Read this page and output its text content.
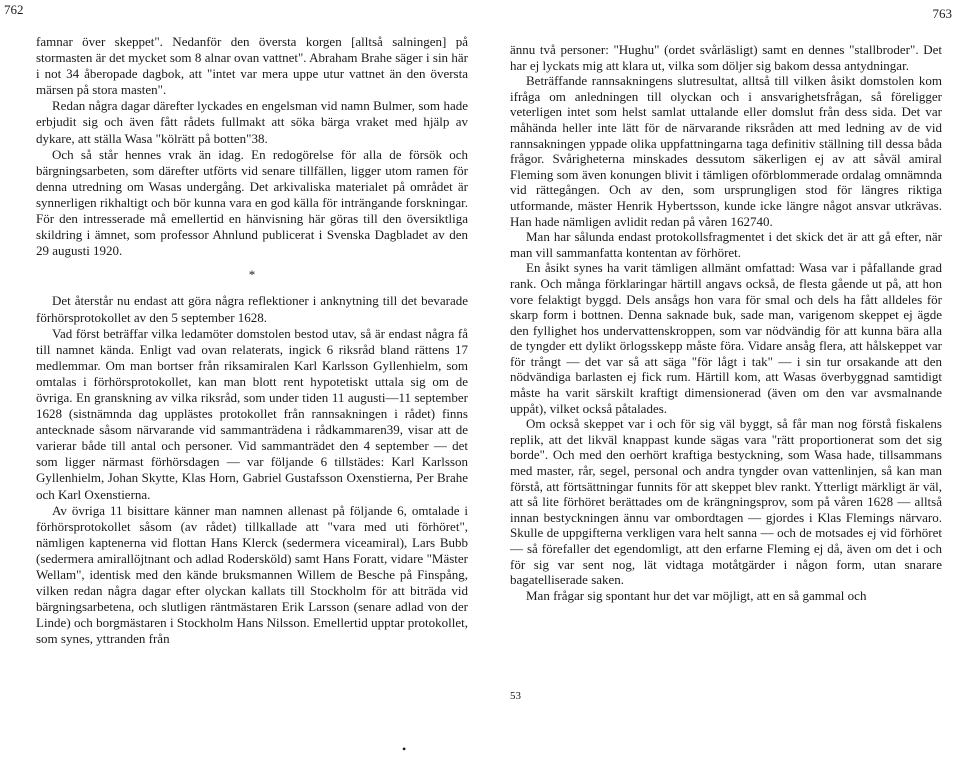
762

famnar över skeppet". Nedanför den översta korgen [alltså salningen] på stormasten är det mycket som 8 alnar ovan vattnet". Abraham Brahe säger i sin här i not 34 åberopade dagbok, att "intet var mera uppe utur vattnet än den översta märsen på stora masten".

Redan några dagar därefter lyckades en engelsman vid namn Bulmer, som hade erbjudit sig och även fått rådets fullmakt att söka bärga vraket med hjälp av dykare, att ställa Wasa "kölrätt på botten"38.

Och så står hennes vrak än idag. En redogörelse för alla de försök och bärgningsarbeten, som därefter utförts vid senare tillfällen, ligger utom ramen för denna utredning om Wasas undergång. Det arkivaliska materialet på området är synnerligen rikhaltigt och bör kunna vara en god källa för inträngande forskningar. För den intresserade må emellertid en hänvisning här göras till den översiktliga skildring i ämnet, som professor Ahnlund publicerat i Svenska Dagbladet av den 29 augusti 1920.

*

Det återstår nu endast att göra några reflektioner i anknytning till det bevarade förhörsprotokollet av den 5 september 1628.

Vad först beträffar vilka ledamöter domstolen bestod utav, så är endast några få till namnet kända. Enligt vad ovan relaterats, ingick 6 riksråd bland rättens 17 medlemmar. Om man bortser från riksamiralen Karl Karlsson Gyllenhielm, som omtalas i förhörsprotokollet, kan man blott rent hypotetiskt uttala sig om de övriga. En granskning av vilka riksråd, som under tiden 11 augusti—11 september 1628 (sistnämnda dag upplästes protokollet från rannsakningen i rådet) finns antecknade såsom närvarande vid sammanträdena i rådkammaren39, visar att de varierar både till antal och personer. Vid sammanträdet den 4 september — det som ligger närmast förhörsdagen — var följande 6 tillstädes: Karl Karlsson Gyllenhielm, Johan Skytte, Klas Horn, Gabriel Gustafsson Oxenstierna, Per Brahe och Karl Oxenstierna.

Av övriga 11 bisittare känner man namnen allenast på följande 6, omtalade i förhörsprotokollet såsom (av rådet) tillkallade att "vara med uti förhöret", nämligen kaptenerna vid flottan Hans Klerck (sedermera viceamiral), Lars Bubb (sedermera amirallöjtnant och adlad Rodersköld) samt Hans Foratt, vidare "Mäster Wellam", identisk med den kände bruksmannen Willem de Besche på Finspång, vilken redan några dagar efter olyckan kallats till Stockholm för att biträda vid bärgningsarbetena, och slutligen räntmästaren Erik Larsson (senare adlad von der Linde) och borgmästaren i Stockholm Hans Nilsson. Emellertid upptar protokollet, som synes, yttranden från

763

ännu två personer: "Hughu" (ordet svårläsligt) samt en dennes "stallbroder". Det har ej lyckats mig att klara ut, vilka som döljer sig bakom dessa antydningar.

Beträffande rannsakningens slutresultat, alltså till vilken åsikt domstolen kom ifråga om anledningen till olyckan och i ansvarighetsfrågan, så föreligger veterligen intet som helst samlat uttalande eller domslut från dess sida. Det var måhända heller inte lätt för de närvarande riksråden att med ledning av de vid rannsakningen yppade olika uppfattningarna taga definitiv ställning till dessa båda frågor. Svårigheterna minskades dessutom säkerligen ej av att såväl amiral Fleming som även konungen blivit i tämligen oförblommerade ordalag omnämnda vid rättegången. Och av den, som ursprungligen stod för längres riktiga utformande, mäster Henrik Hybertsson, kunde icke längre något ansvar utkrävas. Han hade nämligen avlidit redan på våren 162740.

Man har sålunda endast protokollsfragmentet i det skick det är att gå efter, när man vill sammanfatta kontentan av förhöret.

En åsikt synes ha varit tämligen allmänt omfattad: Wasa var i påfallande grad rank. Och många förklaringar härtill angavs också, de flesta gående ut på, att hon vore felaktigt byggd. Dels ansågs hon vara för smal och dels ha fått alldeles för skarp form i bottnen. Denna saknade buk, sade man, varigenom skeppet ej ägde den fyllighet hos undervattenskroppen, som var nödvändig för att kunna bära alla de tyngder ett dylikt örlogsskepp måste föra. Vidare ansåg flera, att hålskeppet var för trångt — det var så att säga "för lågt i tak" — i sin tur orsakande att den nödvändiga barlasten ej fick rum. Härtill kom, att Wasas överbyggnad samtidigt måste ha varit särskilt kraftigt dimensionerad (även om den var avsmalnande uppåt), vilket också påtalades.

Om också skeppet var i och för sig väl byggt, så får man nog förstå fiskalens replik, att det likväl knappast kunde sägas vara "rätt proportionerat som det sig borde". Och med den oerhört kraftiga bestyckning, som Wasa hade, tillsammans med master, rår, segel, personal och andra tyngder ovan vattenlinjen, så kan man förstå, att förtsättningar funnits för att skeppet blev rankt. Ytterligt märkligt är väl, att så lite förhöret berättades om de krängningsprov, som på våren 1628 — alltså innan bestyckningen ännu var ombordtagen — gjordes i Klas Flemings närvaro. Skulle de uppgifterna verkligen vara helt sanna — och de motsades ej vid förhöret — så förefaller det egendomligt, att den erfarne Fleming ej då, även om det i och för sig var sent nog, lät vidtaga motåtgärder i någon form, utan snarare bagatelliserade saken.

Man frågar sig spontant hur det var möjligt, att en så gammal och

53
•
